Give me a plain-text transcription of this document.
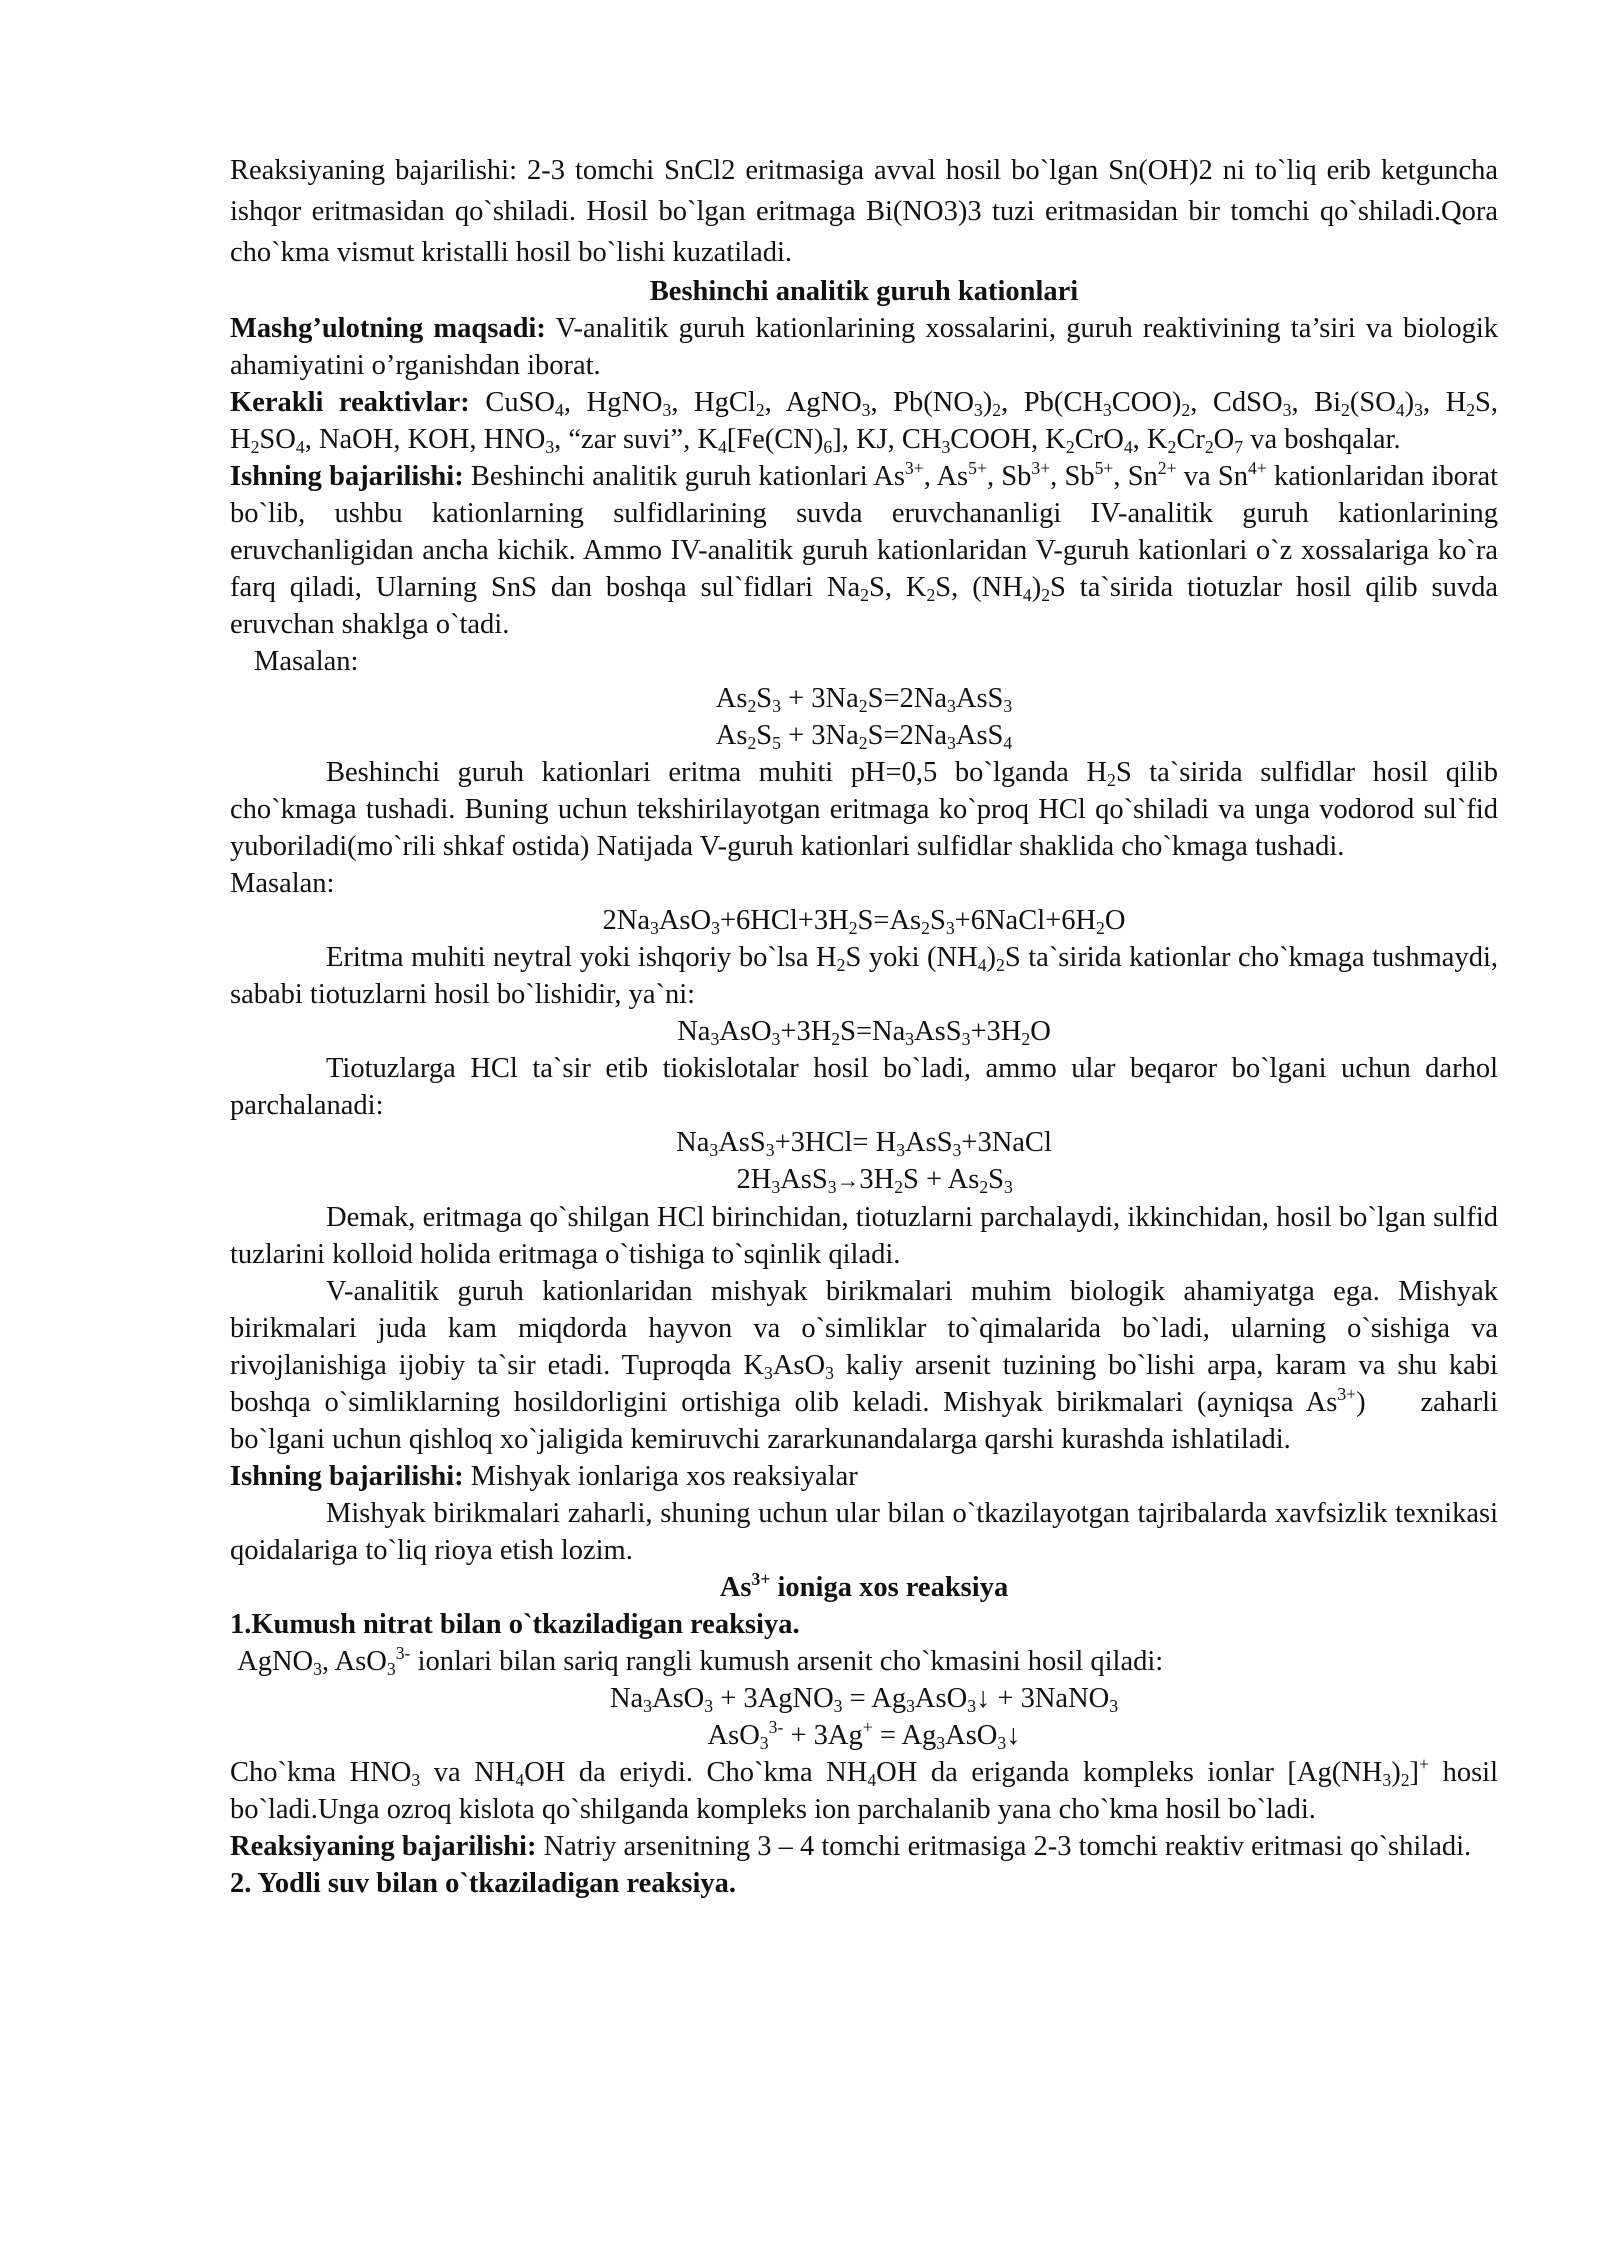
Reaksiyaning bajarilishi: 2-3 tomchi SnCl2 eritmasiga avval hosil bo`lgan Sn(OH)2 ni to`liq erib ketguncha ishqor eritmasidan qo`shiladi. Hosil bo`lgan eritmaga Bi(NO3)3 tuzi eritmasidan bir tomchi qo`shiladi.Qora cho`kma vismut kristalli hosil bo`lishi kuzatiladi.

Beshinchi analitik guruh kationlari

Mashg’ulotning maqsadi: V-analitik guruh kationlarining xossalarini, guruh reaktivining ta’siri va biologik ahamiyatini o’rganishdan iborat.

Kerakli reaktivlar: CuSO$_4$, HgNO$_3$, HgCl$_2$, AgNO$_3$, $Pb(NO_3)_2$, $Pb(CH_3COO)_2$, CdSO$_3$, $Bi_2(SO_4)_3$, $H_2S$, $H_2SO_4$, NaOH, KOH, $HNO_3$, “zar suvi”, $K_4[Fe(CN)_6]$, KJ, $CH_3COOH$, $K_2CrO_4$, $K_2Cr_2O_7$ va boshqalar.

Ishning bajarilishi: Beshinchi analitik guruh kationlari $As^{3+}$, $As^{5+}$, $Sb^{3+}$, $Sb^{5+}$, $Sn^{2+}$ va $Sn^{4+}$ kationlaridan iborat bo`lib, ushbu kationlarning sulfidlarining suvda eruvchananligi IV-analitik guruh kationlarining eruvchanligidan ancha kichik. Ammo IV-analitik guruh kationlaridan V-guruh kationlari o`z xossalariga ko`ra farq qiladi, Ularning SnS dan boshqa sul`fidlari $Na_2S$, $K_2S$, $(NH_4)_2S$ ta`sirida tiotuzlar hosil qilib suvda eruvchan shaklga o`tadi.

Masalan:

$As_2S_3 + 3Na_2S=2Na_3AsS_3$

$As_2S_5 + 3Na_2S=2Na_3AsS_4$

Beshinchi guruh kationlari eritma muhiti pH=0,5 bo`lganda $H_2S$ ta`sirida sulfidlar hosil qilib cho`kmaga tushadi. Buning uchun tekshirilayotgan eritmaga ko`proq HCl qo`shiladi va unga vodorod sul`fid yuboriladi(mo`rili shkaf ostida) Natijada V-guruh kationlari sulfidlar shaklida cho`kmaga tushadi.

Masalan:

$2Na_3AsO_3+6HCl+3H_2S=As_2S_3+6NaCl+6H_2O$

Eritma muhiti neytral yoki ishqoriy bo`lsa $H_2S$ yoki $(NH_4)_2S$ ta`sirida kationlar cho`kmaga tushmaydi, sababi tiotuzlarni hosil bo`lishidir, ya`ni:

$Na_3AsO_3+3H_2S=Na_3AsS_3+3H_2O$

Tiotuzlarga HCl ta`sir etib tiokislotalar hosil bo`ladi, ammo ular beqaror bo`lgani uchun darhol parchalanadi:

$Na_3AsS_3+3HCl=$ $H_3AsS_3+3NaCl$

$2H_3AsS_3\to 3H_2S + As_2S_3$

Demak, eritmaga qo`shilgan HCl birinchidan, tiotuzlarni parchalaydi, ikkinchidan, hosil bo`lgan sulfid tuzlarini kolloid holida eritmaga o`tishiga to`sqinlik qiladi.

V-analitik guruh kationlaridan mishyak birikmalari muhim biologik ahamiyatga ega. Mishyak birikmalari juda kam miqdorda hayvon va o`simliklar to`qimalarida bo`ladi, ularning o`sishiga va rivojlanishiga ijobiy ta`sir etadi. Tuproqda $K_3AsO_3$ kaliy arsenit tuzining bo`lishi arpa, karam va shu kabi boshqa o`simliklarning hosildorligini ortishiga olib keladi. Mishyak birikmalari (ayniqsa $As^{3+}$)    zaharli bo`lgani uchun qishloq xo`jaligida kemiruvchi zararkunandalarga qarshi kurashda ishlatiladi.

Ishning bajarilishi: Mishyak ionlariga xos reaksiyalar

Mishyak birikmalari zaharli, shuning uchun ular bilan o`tkazilayotgan tajribalarda xavfsizlik texnikasi qoidalariga to`liq rioya etish lozim.

$As^{3+}$ ioniga xos reaksiya

1.Kumush nitrat bilan o`tkaziladigan reaksiya.

AgNO$_3$, AsO$_3^{3-}$ ionlari bilan sariq rangli kumush arsenit cho`kmasini hosil qiladi:

$Na_3AsO_3$ + 3AgNO$_3$ = $Ag_3AsO_3↓$ + 3NaNO$_3$

$AsO_3^{3-} + 3Ag^+ = Ag_3AsO_3↓$

Cho`kma $HNO_3$ va $NH_4OH$ da eriydi. Cho`kma $NH_4OH$ da eriganda kompleks ionlar $[Ag(NH_3)_2]^+$ hosil bo`ladi.Unga ozroq kislota qo`shilganda kompleks ion parchalanib yana cho`kma hosil bo`ladi.

Reaksiyaning bajarilishi: Natriy arsenitning 3 – 4 tomchi eritmasiga 2-3 tomchi reaktiv eritmasi qo`shiladi.

2. Yodli suv bilan o`tkaziladigan reaksiya.
